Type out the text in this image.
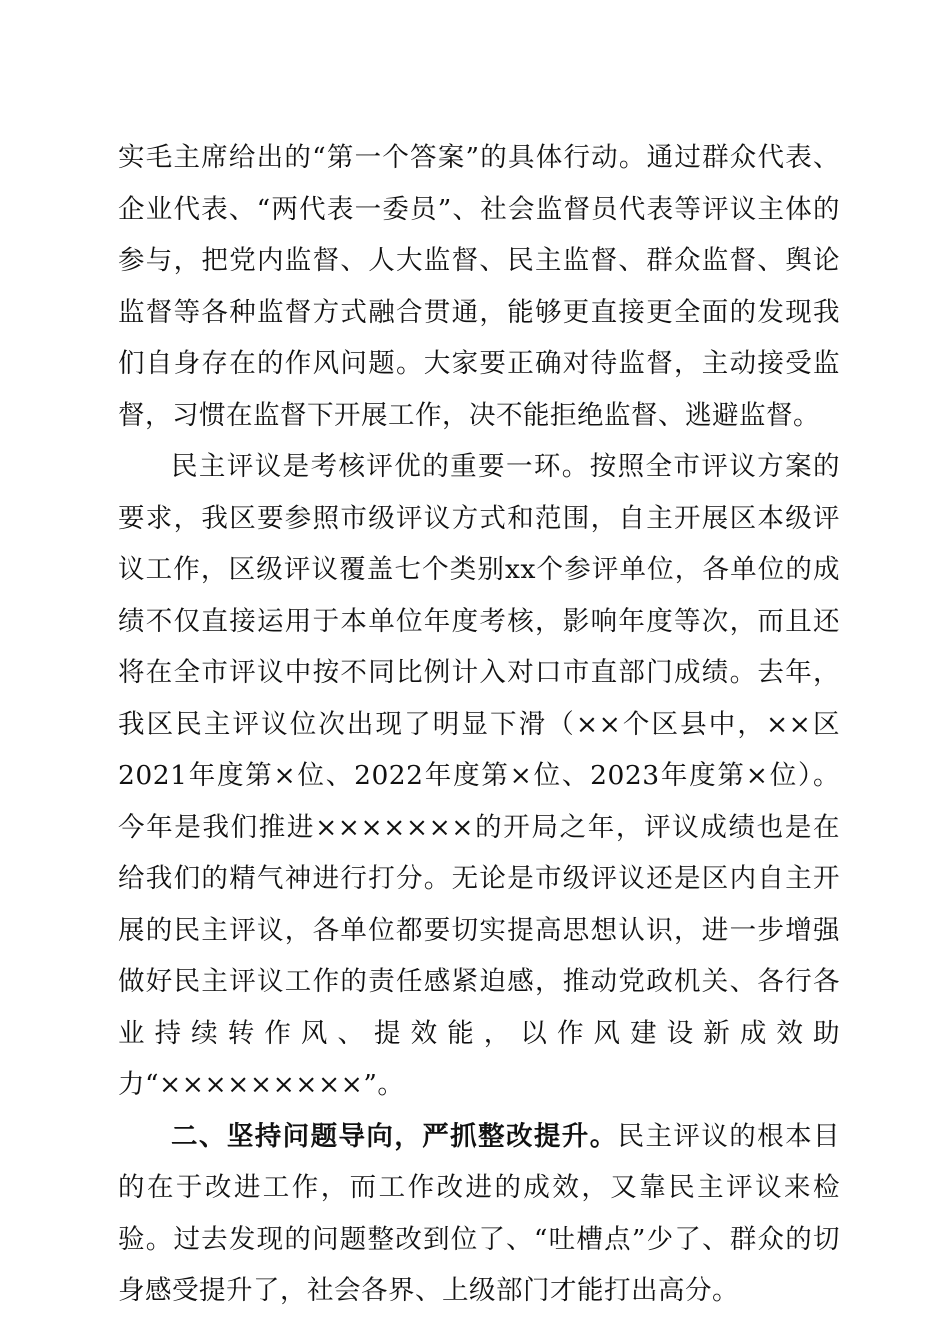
实毛主席给出的“第一个答案”的具体行动。通过群众代表、企业代表、“两代表一委员”、社会监督员代表等评议主体的参与，把党内监督、人大监督、民主监督、群众监督、舆论监督等各种监督方式融合贯通，能够更直接更全面的发现我们自身存在的作风问题。大家要正确对待监督，主动接受监督，习惯在监督下开展工作，决不能拒绝监督、逃避监督。

民主评议是考核评优的重要一环。按照全市评议方案的要求，我区要参照市级评议方式和范围，自主开展区本级评议工作，区级评议覆盖七个类别xx个参评单位，各单位的成绩不仅直接运用于本单位年度考核，影响年度等次，而且还将在全市评议中按不同比例计入对口市直部门成绩。去年，我区民主评议位次出现了明显下滑（××个区县中，××区2021年度第×位、2022年度第×位、2023年度第×位）。今年是我们推进×××××××的开局之年，评议成绩也是在给我们的精气神进行打分。无论是市级评议还是区内自主开展的民主评议，各单位都要切实提高思想认识，进一步增强做好民主评议工作的责任感紧迫感，推动党政机关、各行各业持续转作风、提效能，以作风建设新成效助力“×××××××××”。

二、坚持问题导向，严抓整改提升。民主评议的根本目的在于改进工作，而工作改进的成效，又靠民主评议来检验。过去发现的问题整改到位了、“吐槽点”少了、群众的切身感受提升了，社会各界、上级部门才能打出高分。
